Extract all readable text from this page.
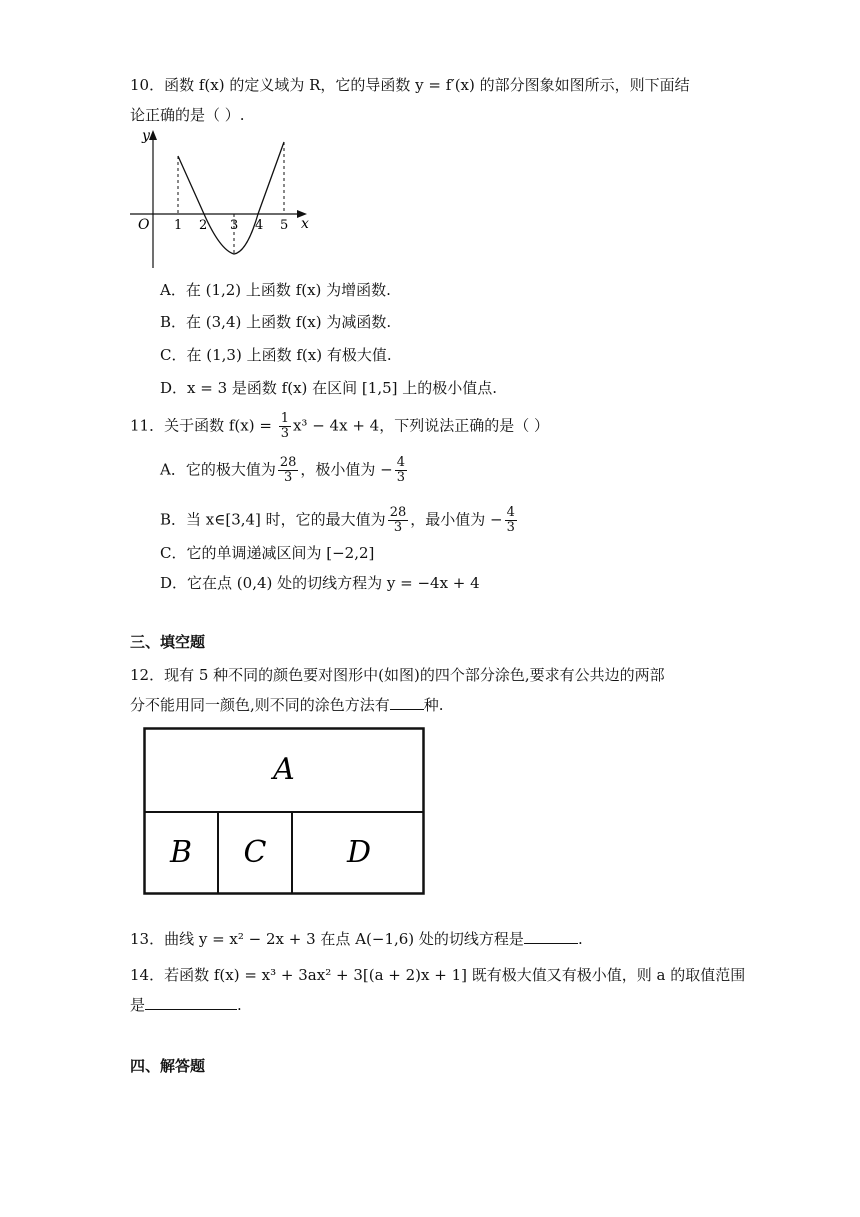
10．函数 f(x) 的定义域为 R，它的导函数 y = f′(x) 的部分图象如图所示，则下面结
论正确的是（ ）.
y
x
O 1 2 3 4 5
A．在 (1,2) 上函数 f(x) 为增函数.
B．在 (3,4) 上函数 f(x) 为减函数.
C．在 (1,3) 上函数 f(x) 有极大值.
D．x = 3 是函数 f(x) 在区间 [1,5] 上的极小值点.
11．关于函数 $f(x) = \frac{1}{3} x^3 - 4x + 4$，下列说法正确的是（ ）
A．它的极大值为 $\frac{28}{3}$ ，极小值为 − $\frac{4}{3}$
B．当 x∈[3,4] 时，它的最大值为 $\frac{28}{3}$ ，最小值为 − $\frac{4}{3}$
C．它的单调递减区间为 [−2,2]
D．它在点 (0,4) 处的切线方程为 y = −4x + 4
三、填空题
12．现有 5 种不同的颜色要对图形中(如图)的四个部分涂色,要求有公共边的两部
分不能用同一颜色,则不同的涂色方法有 种.
A
B C	D
13．曲线 y = x² − 2x + 3 在点 A(−1,6) 处的切线方程是	.
14．若函数 f(x) = x³ + 3ax² + 3[(a + 2)x + 1] 既有极大值又有极小值，则 a 的取值范围
是	.
四、解答题
